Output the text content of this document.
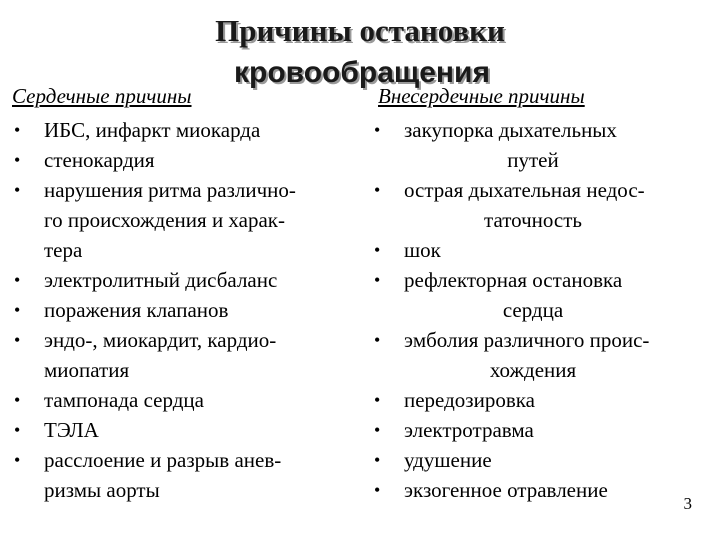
Причины остановки
кровообращения
Сердечные причины	Внесердечные причины
• ИБС, инфаркт миокарда
• стенокардия
• нарушения ритма различно-
го происхождения и харак-
тера
• электролитный дисбаланс
• поражения клапанов
• эндо-, миокардит, кардио-
миопатия
• тампонада сердца
• ТЭЛА
• расслоение и разрыв анев-
ризмы аорты
• закупорка дыхательных
путей
• острая дыхательная недос-
таточность
• шок
• рефлекторная остановка
сердца
• эмболия различного проис-
хождения
• передозировка
• электротравма
• удушение
• экзогенное отравление
3
